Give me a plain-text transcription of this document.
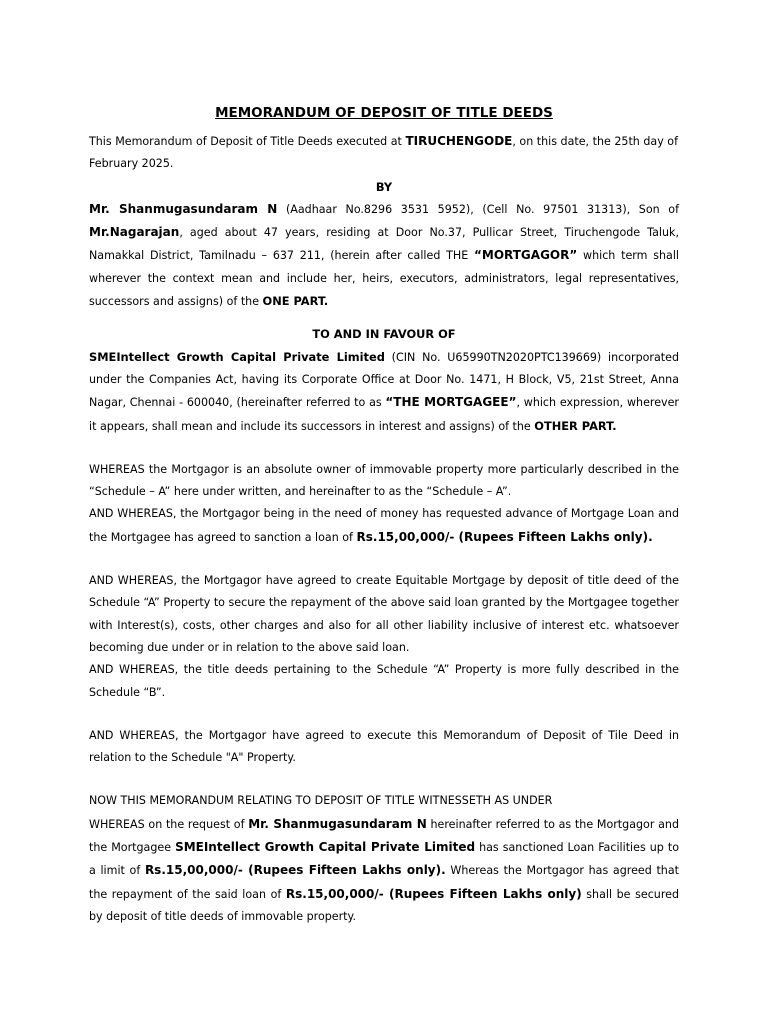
MEMORANDUM OF DEPOSIT OF TITLE DEEDS

This Memorandum of Deposit of Title Deeds executed at TIRUCHENGODE, on this date, the 25th day of February 2025.

BY

Mr. Shanmugasundaram N (Aadhaar No.8296 3531 5952), (Cell No. 97501 31313), Son of Mr.Nagarajan, aged about 47 years, residing at Door No.37, Pullicar Street, Tiruchengode Taluk, Namakkal District, Tamilnadu – 637 211, (herein after called THE “MORTGAGOR” which term shall wherever the context mean and include her, heirs, executors, administrators, legal representatives, successors and assigns) of the ONE PART.

TO AND IN FAVOUR OF

SMEIntellect Growth Capital Private Limited (CIN No. U65990TN2020PTC139669) incorporated under the Companies Act, having its Corporate Office at Door No. 1471, H Block, V5, 21st Street, Anna Nagar, Chennai - 600040, (hereinafter referred to as “THE MORTGAGEE”, which expression, wherever it appears, shall mean and include its successors in interest and assigns) of the OTHER PART.

WHEREAS the Mortgagor is an absolute owner of immovable property more particularly described in the “Schedule – A” here under written, and hereinafter to as the “Schedule – A”.

AND WHEREAS, the Mortgagor being in the need of money has requested advance of Mortgage Loan and the Mortgagee has agreed to sanction a loan of Rs.15,00,000/- (Rupees Fifteen Lakhs only).

AND WHEREAS, the Mortgagor have agreed to create Equitable Mortgage by deposit of title deed of the Schedule “A” Property to secure the repayment of the above said loan granted by the Mortgagee together with Interest(s), costs, other charges and also for all other liability inclusive of interest etc. whatsoever becoming due under or in relation to the above said loan.

AND WHEREAS, the title deeds pertaining to the Schedule “A” Property is more fully described in the Schedule “B”.

AND WHEREAS, the Mortgagor have agreed to execute this Memorandum of Deposit of Tile Deed in relation to the Schedule "A" Property.

NOW THIS MEMORANDUM RELATING TO DEPOSIT OF TITLE WITNESSETH AS UNDER

WHEREAS on the request of Mr. Shanmugasundaram N hereinafter referred to as the Mortgagor and the Mortgagee SMEIntellect Growth Capital Private Limited has sanctioned Loan Facilities up to a limit of Rs.15,00,000/- (Rupees Fifteen Lakhs only). Whereas the Mortgagor has agreed that the repayment of the said loan of Rs.15,00,000/- (Rupees Fifteen Lakhs only) shall be secured by deposit of title deeds of immovable property.
